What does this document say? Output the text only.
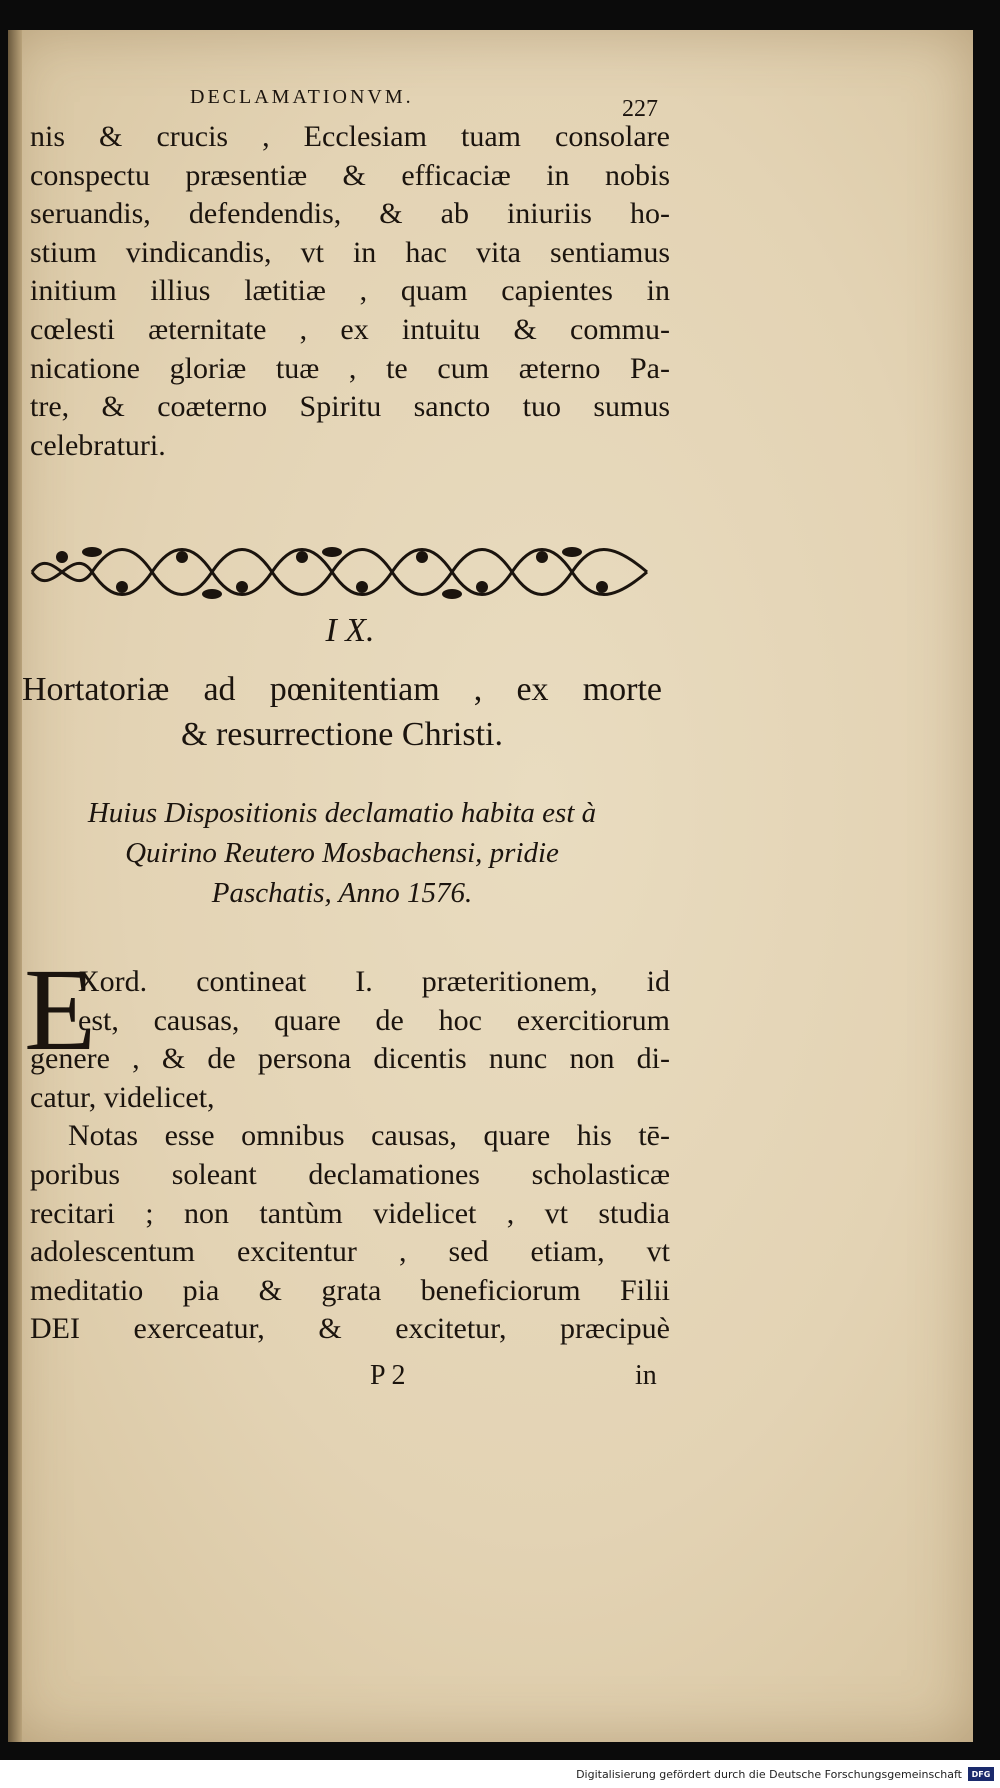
DECLAMATIONVM.	227
nis & crucis , Ecclesiam tuam consolare
conspectu præsentiæ & efficaciæ in nobis
seruandis, defendendis, & ab iniuriis ho-
stium vindicandis, vt in hac vita sentiamus
initium illius lætitiæ , quam capientes in
cœlesti æternitate , ex intuitu & commu-
nicatione gloriæ tuæ , te cum æterno Pa-
tre, & coæterno Spiritu sancto tuo sumus
celebraturi.
I X.
Hortatoriæ ad pœnitentiam , ex morte
& resurrectione Christi.
Huius Dispositionis declamatio habita est à
Quirino Reutero Mosbachensi, pridie
Paschatis, Anno 1576.
E
Xord. contineat I. præteritionem, id
est, causas, quare de hoc exercitiorum
genere , & de persona dicentis nunc non di-
catur, videlicet,
Notas esse omnibus causas, quare his tē-
poribus soleant declamationes scholasticæ
recitari ; non tantùm videlicet , vt studia
adolescentum excitentur , sed etiam, vt
meditatio pia & grata beneficiorum Filii
DEI exerceatur, & excitetur, præcipuè
P 2	in
Digitalisierung gefördert durch die Deutsche Forschungsgemeinschaft	DFG
